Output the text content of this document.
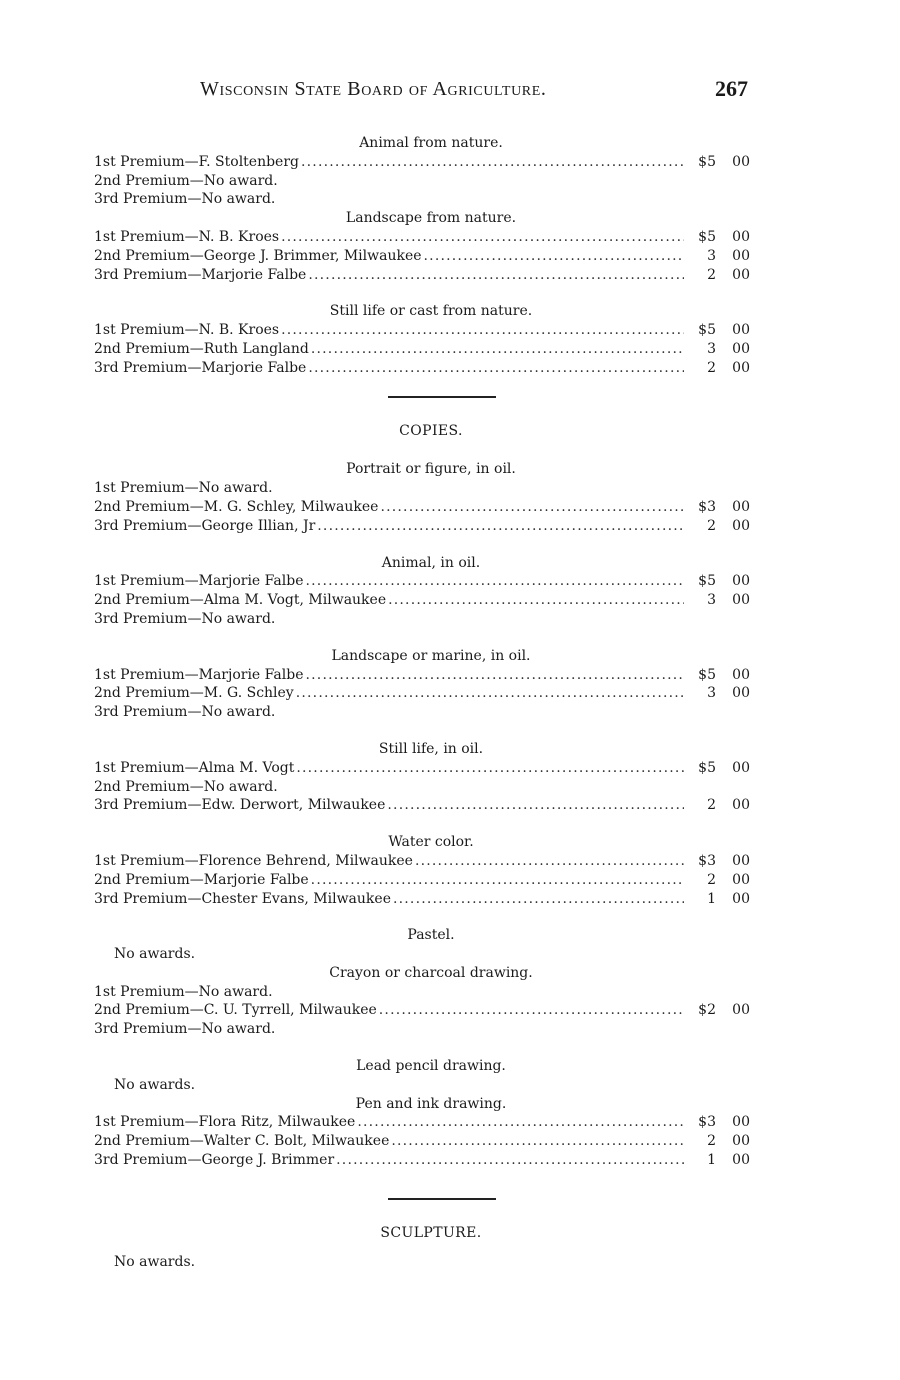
Wisconsin State Board of Agriculture.	267
Animal from nature.
1st Premium—F. Stoltenberg .....	$5	00
2nd Premium—No award.
3rd Premium—No award.
Landscape from nature.
1st Premium—N. B. Kroes .....	$5	00
2nd Premium—George J. Brimmer, Milwaukee .....	3	00
3rd Premium—Marjorie Falbe .....	2	00
Still life or cast from nature.
1st Premium—N. B. Kroes .....	$5	00
2nd Premium—Ruth Langland .....	3	00
3rd Premium—Marjorie Falbe .....	2	00
COPIES.
Portrait or figure, in oil.
1st Premium—No award.
2nd Premium—M. G. Schley, Milwaukee .....	$3	00
3rd Premium—George Illian, Jr .....	2	00
Animal, in oil.
1st Premium—Marjorie Falbe .....	$5	00
2nd Premium—Alma M. Vogt, Milwaukee .....	3	00
3rd Premium—No award.
Landscape or marine, in oil.
1st Premium—Marjorie Falbe .....	$5	00
2nd Premium—M. G. Schley .....	3	00
3rd Premium—No award.
Still life, in oil.
1st Premium—Alma M. Vogt .....	$5	00
2nd Premium—No award.
3rd Premium—Edw. Derwort, Milwaukee .....	2	00
Water color.
1st Premium—Florence Behrend, Milwaukee .....	$3	00
2nd Premium—Marjorie Falbe .....	2	00
3rd Premium—Chester Evans, Milwaukee .....	1	00
Pastel.
No awards.
Crayon or charcoal drawing.
1st Premium—No award.
2nd Premium—C. U. Tyrrell, Milwaukee .....	$2	00
3rd Premium—No award.
Lead pencil drawing.
No awards.
Pen and ink drawing.
1st Premium—Flora Ritz, Milwaukee .....	$3	00
2nd Premium—Walter C. Bolt, Milwaukee .....	2	00
3rd Premium—George J. Brimmer .....	1	00
SCULPTURE.
No awards.
